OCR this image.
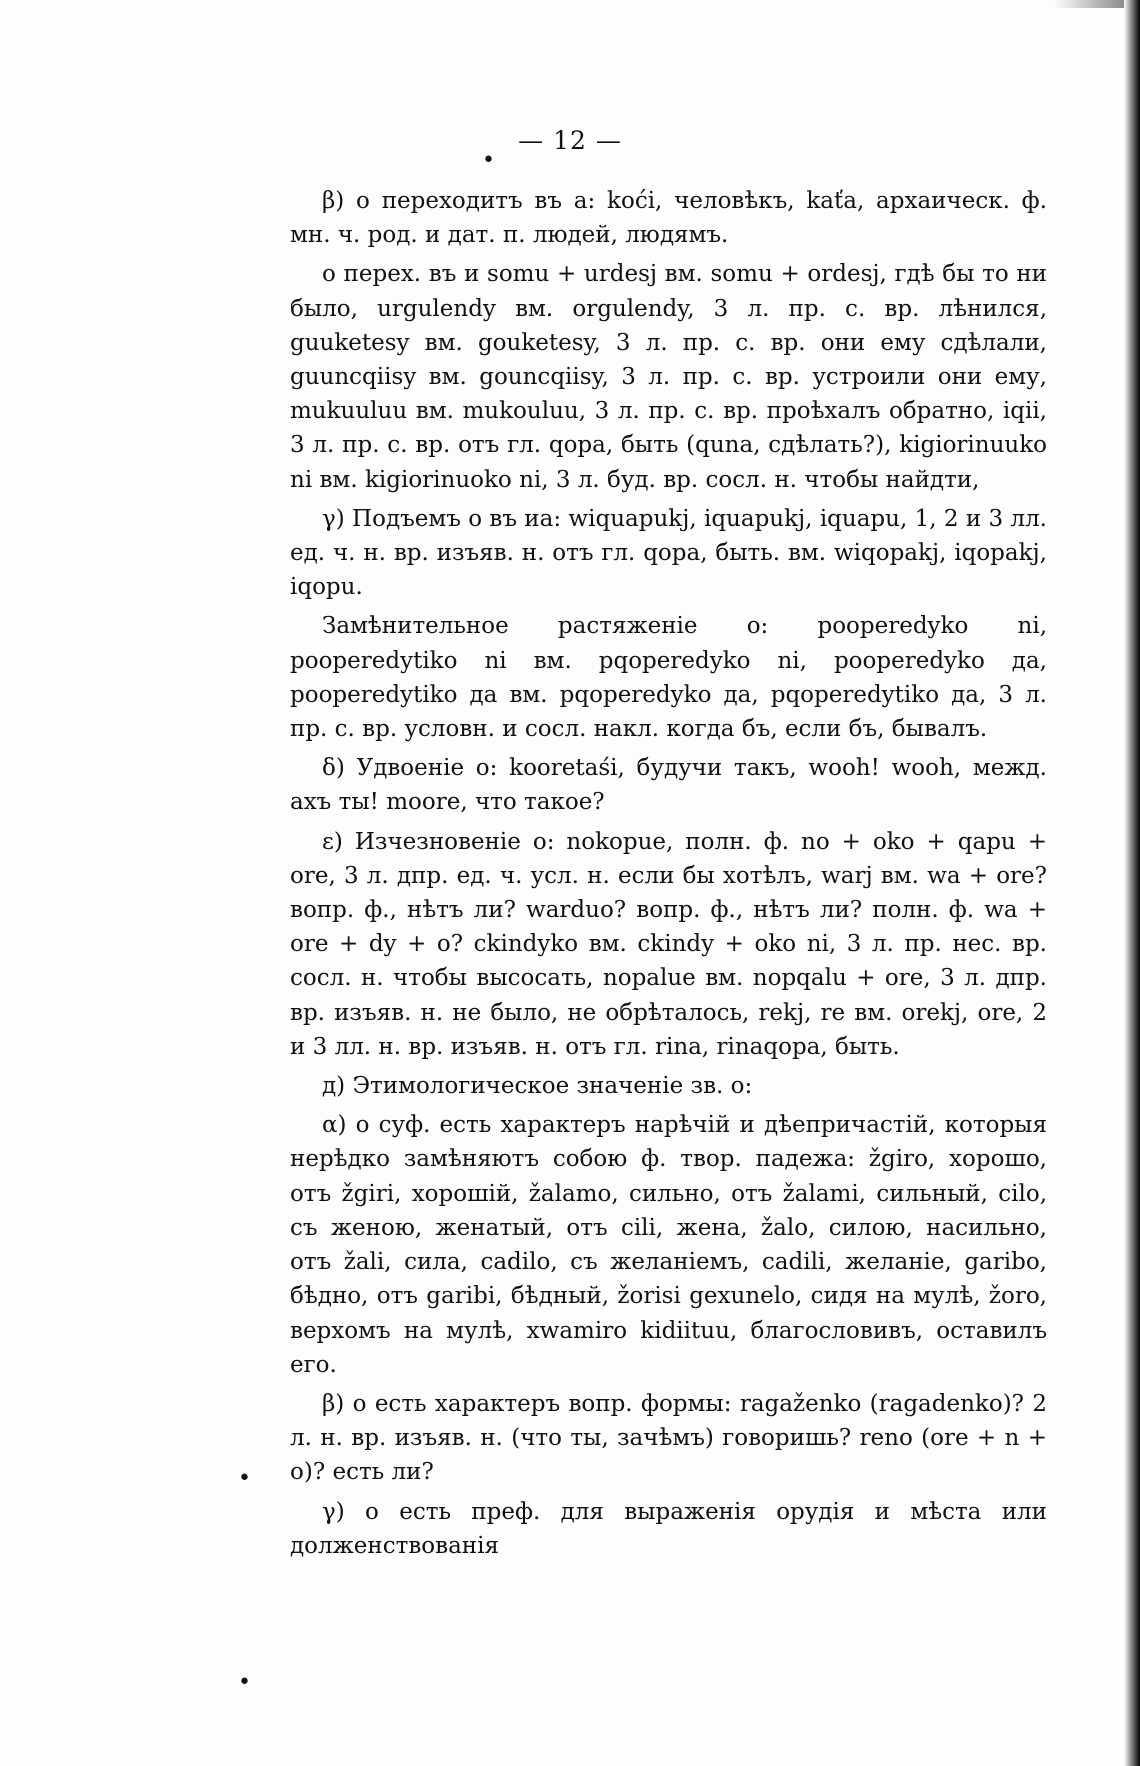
— 12 —

β) о переходитъ въ а: koći, человѣкъ, kaťa, архаическ. ф. мн. ч. род. и дат. п. людей, людямъ.

о перех. въ и somu + urdesj вм. somu + ordesj, гдѣ бы то ни было, urgulendy вм. orgulendy, 3 л. пр. с. вр. лѣнился, guuketesy вм. gouketesy, 3 л. пр. с. вр. они ему сдѣлали, guuncqiisy вм. gouncqiisy, 3 л. пр. с. вр. устроили они ему, mukuuluu вм. mukouluu, 3 л. пр. с. вр. проѣхалъ обратно, iqii, 3 л. пр. с. вр. отъ гл. qopa, быть (quna, сдѣлать?), kigiorinuuko ni вм. kigiorinuoko ni, 3 л. буд. вр. сосл. н. чтобы найдти,

γ) Подъемъ о въ иа: wiquapukj, iquapukj, iquapu, 1, 2 и 3 лл. ед. ч. н. вр. изъяв. н. отъ гл. qopa, быть. вм. wiqopakj, iqopakj, iqopu.

Замѣнительное растяженіе о: pooperedyko ni, pooperedytiko ni вм. pqoperedyko ni, pooperedyko да, pooperedytiko да вм. pqoperedyko да, pqoperedytiko да, 3 л. пр. с. вр. условн. и сосл. накл. когда бъ, если бъ, бывалъ.

δ) Удвоеніе о: kooretaśi, будучи такъ, wooh! wooh, межд. ахъ ты! moore, что такое?

ε) Изчезновеніе о: nokopue, полн. ф. no + oko + qapu + ore, 3 л. дпр. ед. ч. усл. н. если бы хотѣлъ, warj вм. wa + ore? вопр. ф., нѣтъ ли? warduo? вопр. ф., нѣтъ ли? полн. ф. wa + ore + dy + o? ckindyko вм. ckindy + oko ni, 3 л. пр. нес. вр. сосл. н. чтобы высосать, nopalue вм. nopqalu + ore, 3 л. дпр. вр. изъяв. н. не было, не обрѣталось, rekj, re вм. orekj, ore, 2 и 3 лл. н. вр. изъяв. н. отъ гл. rina, rinaqopa, быть.

д) Этимологическое значеніе зв. о:

α) о суф. есть характеръ нарѣчій и дѣепричастій, которыя нерѣдко замѣняютъ собою ф. твор. падежа: žgiro, хорошо, отъ žgiri, хорошій, žalamo, сильно, отъ žalami, сильный, cilo, съ женою, женатый, отъ cili, жена, žalo, силою, насильно, отъ žali, сила, cadilo, съ желаніемъ, cadili, желаніе, garibo, бѣдно, отъ garibi, бѣдный, žorisi gexunelo, сидя на мулѣ, žoro, верхомъ на мулѣ, xwamiro kidiituu, благословивъ, оставилъ его.

β) о есть характеръ вопр. формы: ragaženko (ragadenko)? 2 л. н. вр. изъяв. н. (что ты, зачѣмъ) говоришь? reno (ore + n + o)? есть ли?

γ) о есть преф. для выраженія орудія и мѣста или долженствованія

•
•
•
